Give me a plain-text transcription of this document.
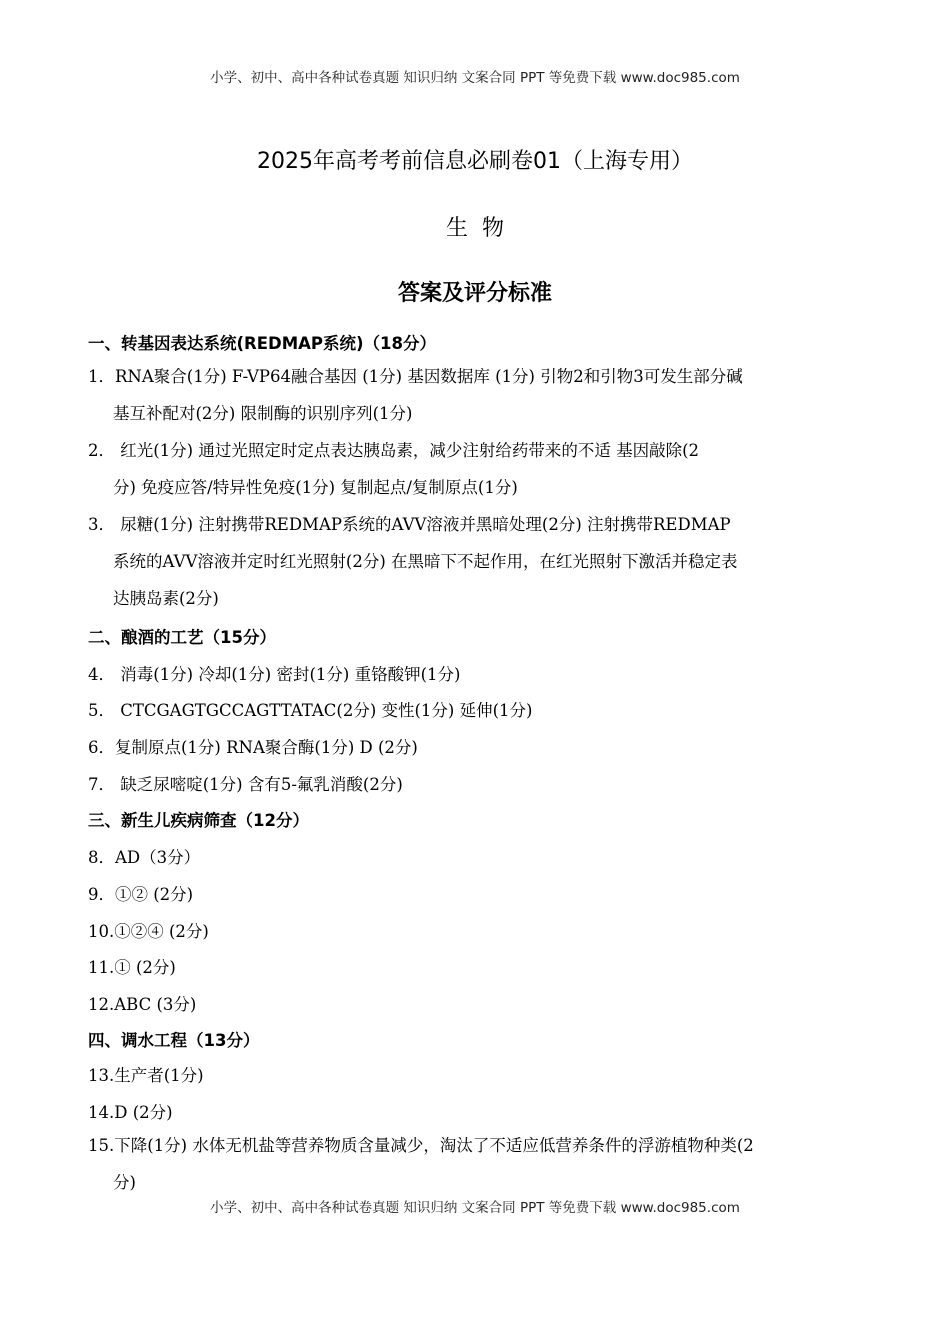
小学、初中、高中各种试卷真题 知识归纳 文案合同 PPT 等免费下载 www.doc985.com
2025年高考考前信息必刷卷01（上海专用）
生物
答案及评分标准
一、转基因表达系统(REDMAP系统)（18分）
1．RNA聚合(1分) F-VP64融合基因 (1分) 基因数据库 (1分) 引物2和引物3可发生部分碱
基互补配对(2分) 限制酶的识别序列(1分)
2． 红光(1分) 通过光照定时定点表达胰岛素，减少注射给药带来的不适 基因敲除(2
分) 免疫应答/特异性免疫(1分) 复制起点/复制原点(1分)
3． 尿糖(1分) 注射携带REDMAP系统的AVV溶液并黑暗处理(2分) 注射携带REDMAP
系统的AVV溶液并定时红光照射(2分) 在黑暗下不起作用，在红光照射下激活并稳定表
达胰岛素(2分)
二、酿酒的工艺（15分）
4． 消毒(1分) 冷却(1分) 密封(1分) 重铬酸钾(1分)
5． CTCGAGTGCCAGTTATAC(2分) 变性(1分) 延伸(1分)
6．复制原点(1分) RNA聚合酶(1分) D (2分)
7． 缺乏尿嘧啶(1分) 含有5-氟乳消酸(2分)
三、新生儿疾病筛查（12分）
8．AD（3分）
9．①② (2分)
10.①②④ (2分)
11.① (2分)
12.ABC (3分)
四、调水工程（13分）
13.生产者(1分)
14.D (2分)
15.下降(1分) 水体无机盐等营养物质含量减少，淘汰了不适应低营养条件的浮游植物种类(2
分)
小学、初中、高中各种试卷真题 知识归纳 文案合同 PPT 等免费下载 www.doc985.com
